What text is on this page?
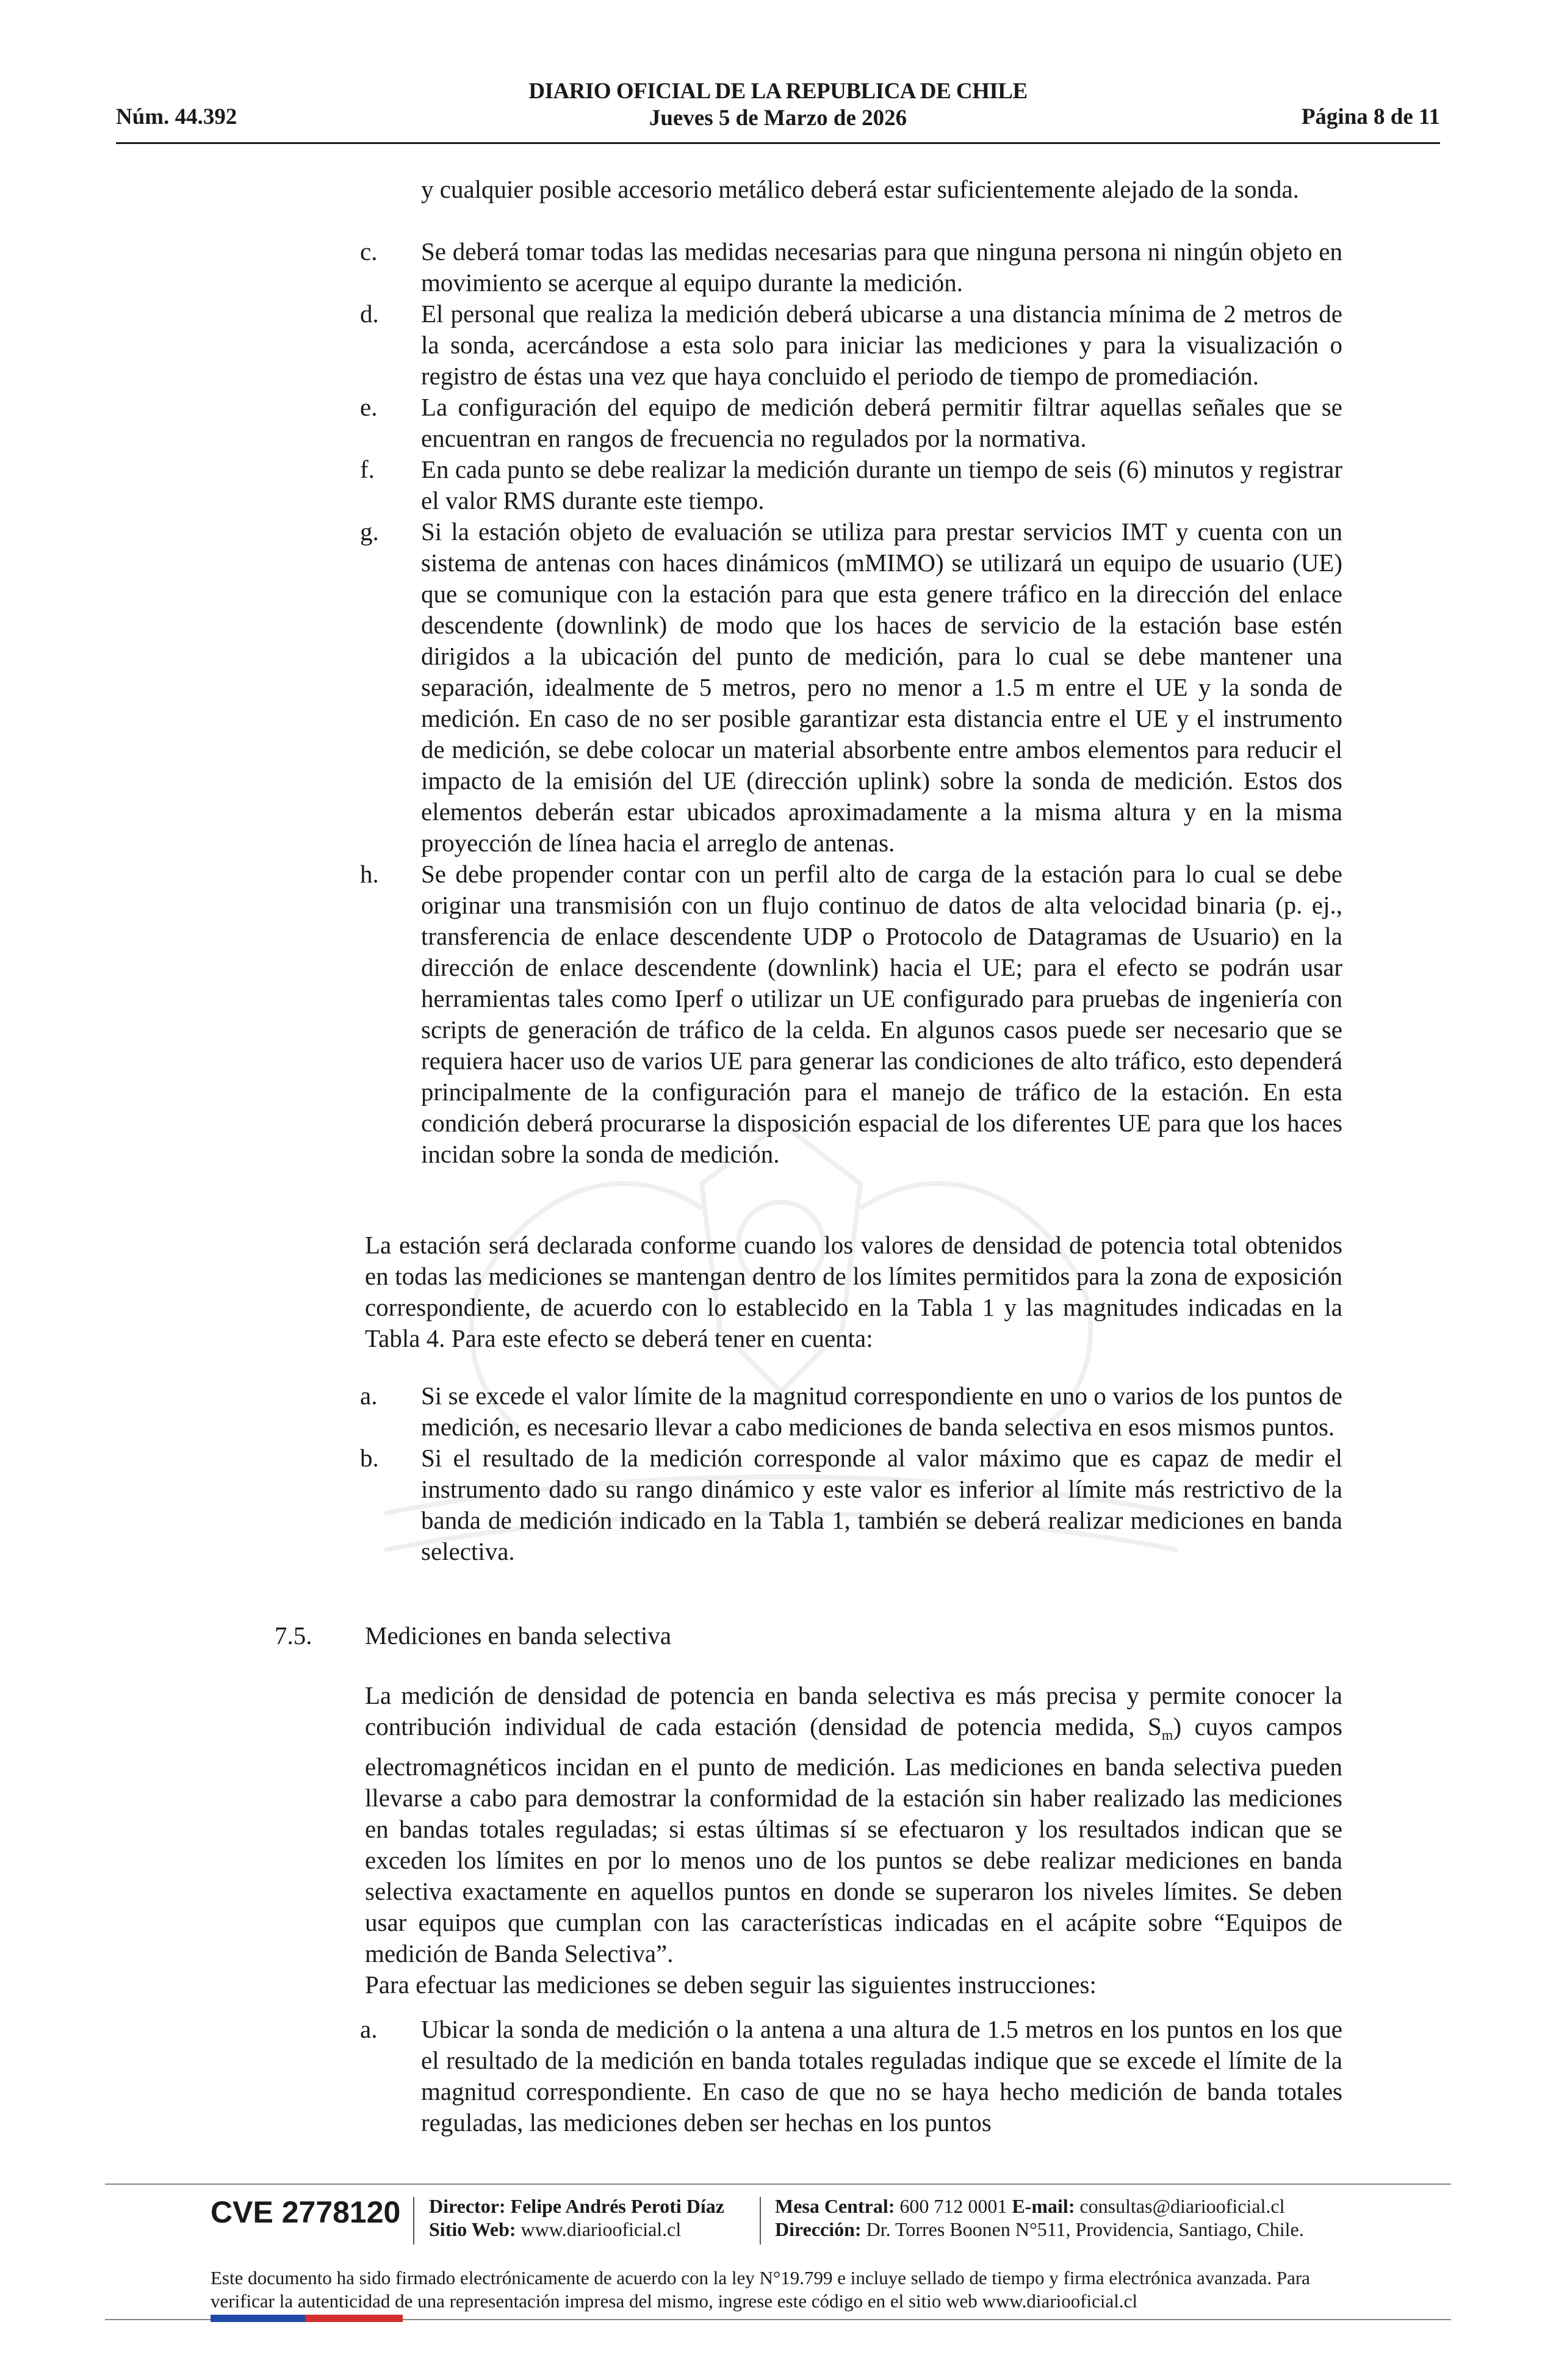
Núm. 44.392
DIARIO OFICIAL DE LA REPUBLICA DE CHILE
Jueves 5 de Marzo de 2026	Página 8 de 11
y cualquier posible accesorio metálico deberá estar suficientemente alejado de la sonda.
c.	Se deberá tomar todas las medidas necesarias para que ninguna persona ni ningún objeto en movimiento se acerque al equipo durante la medición.
d.	El personal que realiza la medición deberá ubicarse a una distancia mínima de 2 metros de la sonda, acercándose a esta solo para iniciar las mediciones y para la visualización o registro de éstas una vez que haya concluido el periodo de tiempo de promediación.
e.	La configuración del equipo de medición deberá permitir filtrar aquellas señales que se encuentran en rangos de frecuencia no regulados por la normativa.
f.	En cada punto se debe realizar la medición durante un tiempo de seis (6) minutos y registrar el valor RMS durante este tiempo.
g.	Si la estación objeto de evaluación se utiliza para prestar servicios IMT y cuenta con un sistema de antenas con haces dinámicos (mMIMO) se utilizará un equipo de usuario (UE) que se comunique con la estación para que esta genere tráfico en la dirección del enlace descendente (downlink) de modo que los haces de servicio de la estación base estén dirigidos a la ubicación del punto de medición, para lo cual se debe mantener una separación, idealmente de 5 metros, pero no menor a 1.5 m entre el UE y la sonda de medición. En caso de no ser posible garantizar esta distancia entre el UE y el instrumento de medición, se debe colocar un material absorbente entre ambos elementos para reducir el impacto de la emisión del UE (dirección uplink) sobre la sonda de medición. Estos dos elementos deberán estar ubicados aproximadamente a la misma altura y en la misma proyección de línea hacia el arreglo de antenas.
h.	Se debe propender contar con un perfil alto de carga de la estación para lo cual se debe originar una transmisión con un flujo continuo de datos de alta velocidad binaria (p. ej., transferencia de enlace descendente UDP o Protocolo de Datagramas de Usuario) en la dirección de enlace descendente (downlink) hacia el UE; para el efecto se podrán usar herramientas tales como Iperf o utilizar un UE configurado para pruebas de ingeniería con scripts de generación de tráfico de la celda. En algunos casos puede ser necesario que se requiera hacer uso de varios UE para generar las condiciones de alto tráfico, esto dependerá principalmente de la configuración para el manejo de tráfico de la estación. En esta condición deberá procurarse la disposición espacial de los diferentes UE para que los haces incidan sobre la sonda de medición.
La estación será declarada conforme cuando los valores de densidad de potencia total obtenidos en todas las mediciones se mantengan dentro de los límites permitidos para la zona de exposición correspondiente, de acuerdo con lo establecido en la Tabla 1 y las magnitudes indicadas en la Tabla 4. Para este efecto se deberá tener en cuenta:
a.	Si se excede el valor límite de la magnitud correspondiente en uno o varios de los puntos de medición, es necesario llevar a cabo mediciones de banda selectiva en esos mismos puntos.
b.	Si el resultado de la medición corresponde al valor máximo que es capaz de medir el instrumento dado su rango dinámico y este valor es inferior al límite más restrictivo de la banda de medición indicado en la Tabla 1, también se deberá realizar mediciones en banda selectiva.
7.5. Mediciones en banda selectiva
La medición de densidad de potencia en banda selectiva es más precisa y permite conocer la contribución individual de cada estación (densidad de potencia medida, $S_m$) cuyos campos electromagnéticos incidan en el punto de medición. Las mediciones en banda selectiva pueden llevarse a cabo para demostrar la conformidad de la estación sin haber realizado las mediciones en bandas totales reguladas; si estas últimas sí se efectuaron y los resultados indican que se exceden los límites en por lo menos uno de los puntos se debe realizar mediciones en banda selectiva exactamente en aquellos puntos en donde se superaron los niveles límites. Se deben usar equipos que cumplan con las características indicadas en el acápite sobre “Equipos de medición de Banda Selectiva”.
Para efectuar las mediciones se deben seguir las siguientes instrucciones:
a.	Ubicar la sonda de medición o la antena a una altura de 1.5 metros en los puntos en los que el resultado de la medición en banda totales reguladas indique que se excede el límite de la magnitud correspondiente. En caso de que no se haya hecho medición de banda totales reguladas, las mediciones deben ser hechas en los puntos
CVE 2778120 Director: Felipe Andrés Peroti Díaz
Sitio Web: www.diariooficial.cl
Mesa Central: 600 712 0001 E-mail: consultas@diariooficial.cl
Dirección: Dr. Torres Boonen N°511, Providencia, Santiago, Chile.
Este documento ha sido firmado electrónicamente de acuerdo con la ley N°19.799 e incluye sellado de tiempo y firma electrónica avanzada. Para verificar la autenticidad de una representación impresa del mismo, ingrese este código en el sitio web www.diariooficial.cl
